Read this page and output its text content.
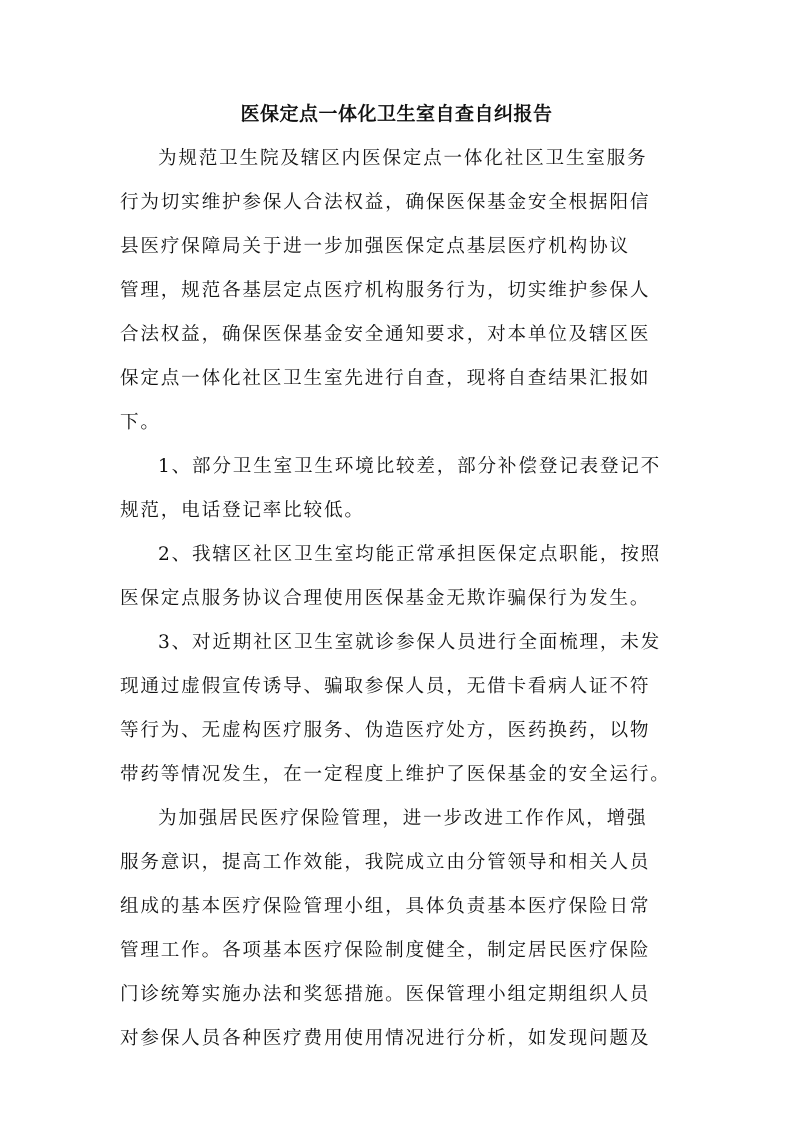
医保定点一体化卫生室自查自纠报告
为规范卫生院及辖区内医保定点一体化社区卫生室服务
行为切实维护参保人合法权益，确保医保基金安全根据阳信
县医疗保障局关于进一步加强医保定点基层医疗机构协议
管理，规范各基层定点医疗机构服务行为，切实维护参保人
合法权益，确保医保基金安全通知要求，对本单位及辖区医
保定点一体化社区卫生室先进行自查，现将自查结果汇报如
下。
1、部分卫生室卫生环境比较差，部分补偿登记表登记不
规范，电话登记率比较低。
2、我辖区社区卫生室均能正常承担医保定点职能，按照
医保定点服务协议合理使用医保基金无欺诈骗保行为发生。
3、对近期社区卫生室就诊参保人员进行全面梳理，未发
现通过虚假宣传诱导、骗取参保人员，无借卡看病人证不符
等行为、无虚构医疗服务、伪造医疗处方，医药换药，以物
带药等情况发生，在一定程度上维护了医保基金的安全运行。
为加强居民医疗保险管理，进一步改进工作作风，增强
服务意识，提高工作效能，我院成立由分管领导和相关人员
组成的基本医疗保险管理小组，具体负责基本医疗保险日常
管理工作。各项基本医疗保险制度健全，制定居民医疗保险
门诊统筹实施办法和奖惩措施。医保管理小组定期组织人员
对参保人员各种医疗费用使用情况进行分析，如发现问题及
